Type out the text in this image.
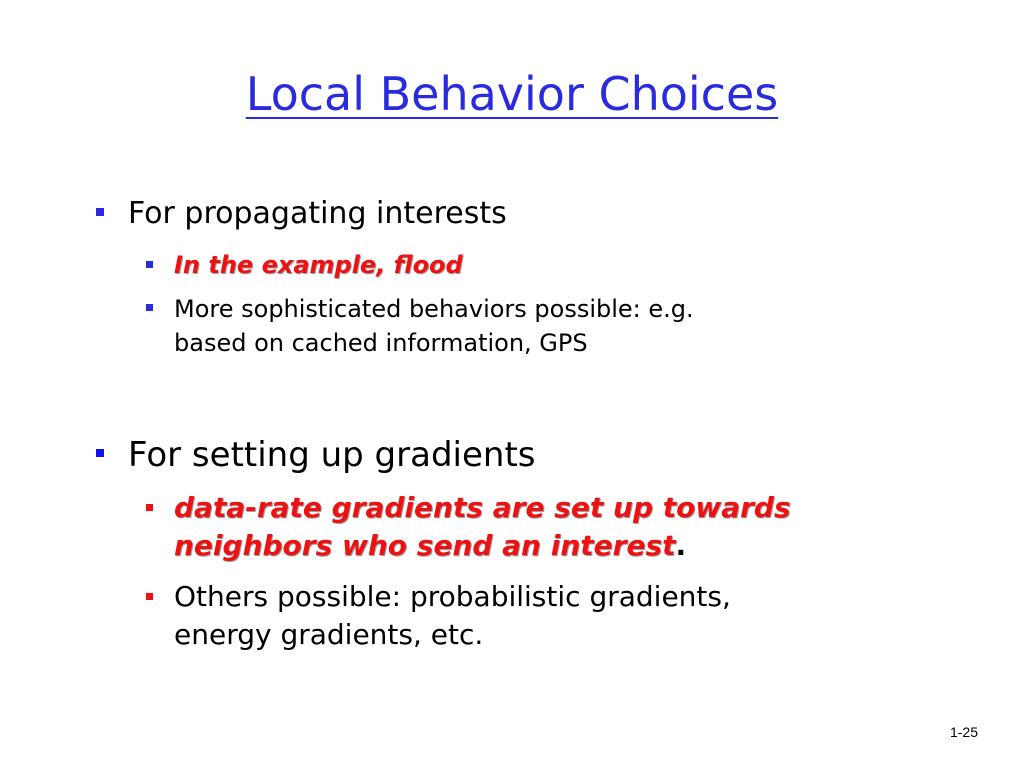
Local Behavior Choices
For propagating interests
In the example, flood
More sophisticated behaviors possible: e.g.
based on cached information, GPS
For setting up gradients
data-rate gradients are set up towards
neighbors who send an interest.
Others possible: probabilistic gradients,
energy gradients, etc.
1-25
